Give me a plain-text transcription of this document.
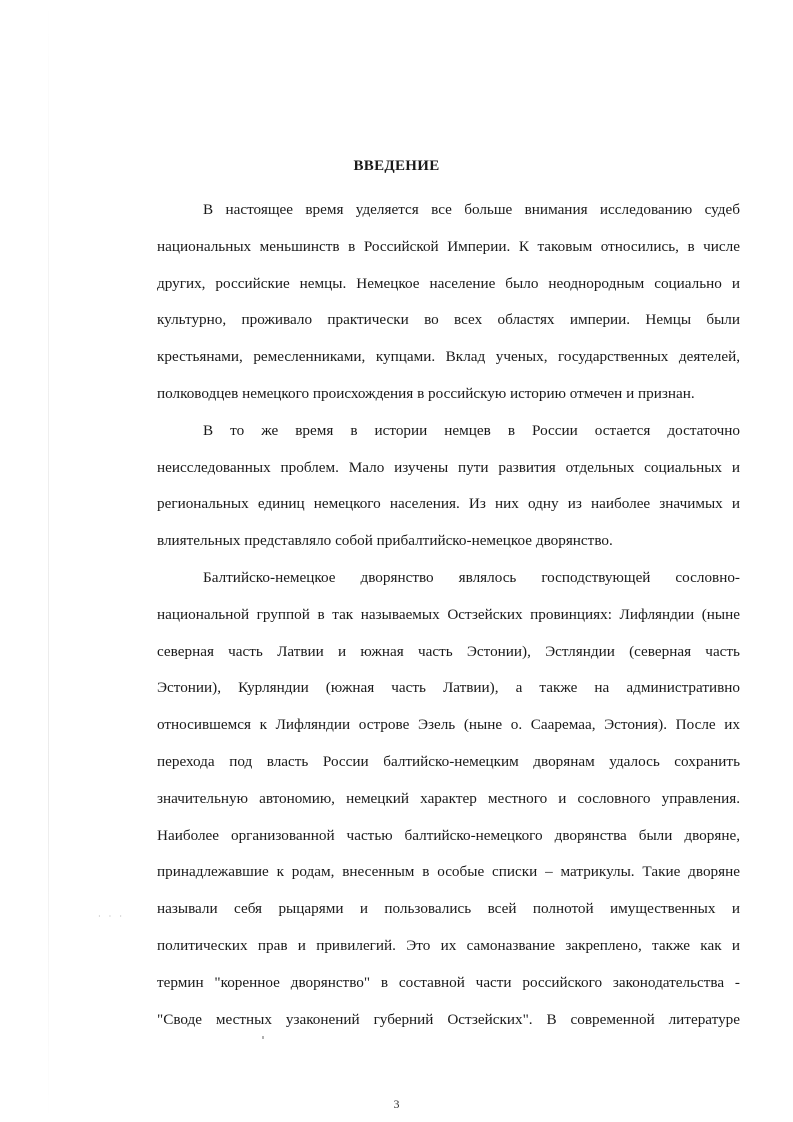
ВВЕДЕНИЕ
В настоящее время уделяется все больше внимания исследованию судеб
национальных меньшинств в Российской Империи. К таковым относились, в числе
других, российские немцы. Немецкое население было неоднородным социально и
культурно, проживало практически во всех областях империи. Немцы были
крестьянами, ремесленниками, купцами. Вклад ученых, государственных деятелей,
полководцев немецкого происхождения в российскую историю отмечен и признан.
В то же время в истории немцев в России остается достаточно
неисследованных проблем. Мало изучены пути развития отдельных социальных и
региональных единиц немецкого населения. Из них одну из наиболее значимых и
влиятельных представляло собой прибалтийско-немецкое дворянство.
Балтийско-немецкое дворянство являлось господствующей сословно-
национальной группой в так называемых Остзейских провинциях: Лифляндии (ныне
северная часть Латвии и южная часть Эстонии), Эстляндии (северная часть
Эстонии), Курляндии (южная часть Латвии), а также на административно
относившемся к Лифляндии острове Эзель (ныне о. Сааремаа, Эстония). После их
перехода под власть России балтийско-немецким дворянам удалось сохранить
значительную автономию, немецкий характер местного и сословного управления.
Наиболее организованной частью балтийско-немецкого дворянства были дворяне,
принадлежавшие к родам, внесенным в особые списки – матрикулы. Такие дворяне
называли себя рыцарями и пользовались всей полнотой имущественных и
политических прав и привилегий. Это их самоназвание закреплено, также как и
термин "коренное дворянство" в составной части российского законодательства -
"Своде местных узаконений губерний Остзейских". В современной литературе
· · ·
3
